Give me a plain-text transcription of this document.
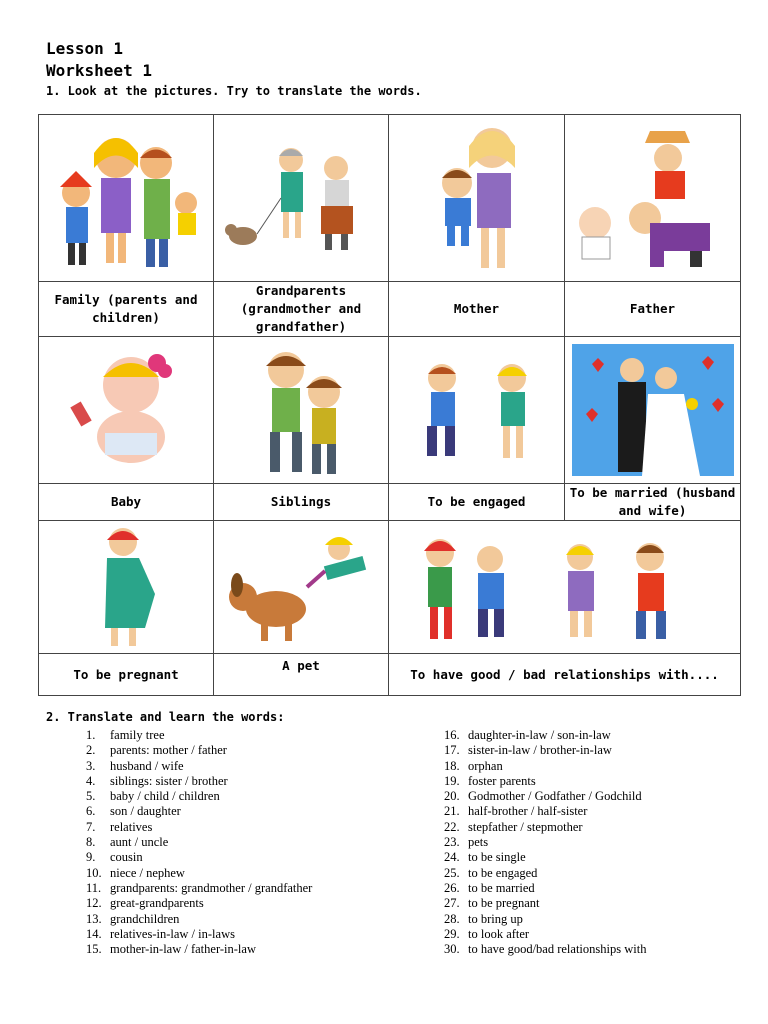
Lesson 1
Worksheet 1
1. Look at the pictures. Try to translate the words.

Family (parents and children)	Grandparents (grandmother and grandfather)	Mother	Father

Baby	Siblings	To be engaged	To be married (husband and wife)

To be pregnant	A pet	To have good / bad relationships with....	
2. Translate and learn the words:
1. family tree
2. parents: mother / father
3. husband / wife
4. siblings: sister / brother
5. baby / child / children
6. son / daughter
7. relatives
8. aunt / uncle
9. cousin
10. niece / nephew
11. grandparents: grandmother / grandfather
12. great-grandparents
13. grandchildren
14. relatives-in-law / in-laws
15. mother-in-law / father-in-law
16. daughter-in-law / son-in-law
17. sister-in-law / brother-in-law
18. orphan
19. foster parents
20. Godmother / Godfather / Godchild
21. half-brother / half-sister
22. stepfather / stepmother
23. pets
24. to be single
25. to be engaged
26. to be married
27. to be pregnant
28. to bring up
29. to look after
30. to have good/bad relationships with
